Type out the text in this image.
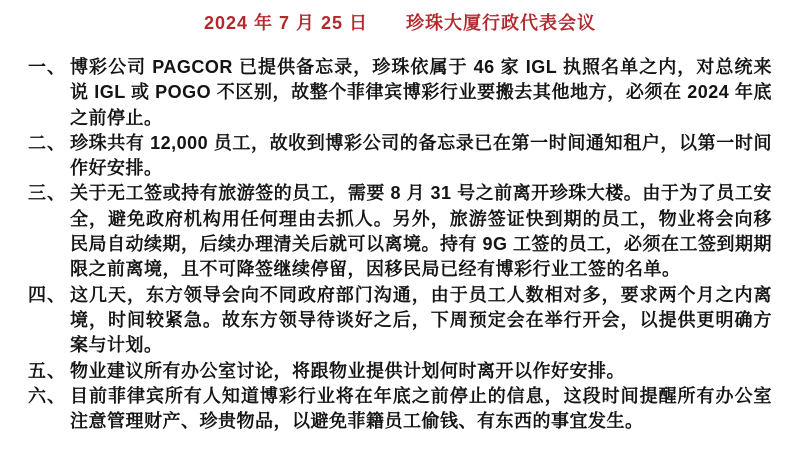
2024 年 7 月 25 日　　珍珠大厦行政代表会议
一、 博彩公司 PAGCOR 已提供备忘录，珍珠依属于 46 家 IGL 执照名单之内，对总统来说 IGL 或 POGO 不区别，故整个菲律宾博彩行业要搬去其他地方，必须在 2024 年底之前停止。
二、 珍珠共有 12,000 员工，故收到博彩公司的备忘录已在第一时间通知租户，以第一时间作好安排。
三、 关于无工签或持有旅游签的员工，需要 8 月 31 号之前离开珍珠大楼。由于为了员工安全，避免政府机构用任何理由去抓人。另外，旅游签证快到期的员工，物业将会向移民局自动续期，后续办理清关后就可以离境。持有 9G 工签的员工，必须在工签到期期限之前离境，且不可降签继续停留，因移民局已经有博彩行业工签的名单。
四、 这几天，东方领导会向不同政府部门沟通，由于员工人数相对多，要求两个月之内离境，时间较紧急。故东方领导待谈好之后，下周预定会在举行开会，以提供更明确方案与计划。
五、 物业建议所有办公室讨论，将跟物业提供计划何时离开以作好安排。
六、 目前菲律宾所有人知道博彩行业将在年底之前停止的信息，这段时间提醒所有办公室注意管理财产、珍贵物品，以避免菲籍员工偷钱、有东西的事宜发生。
